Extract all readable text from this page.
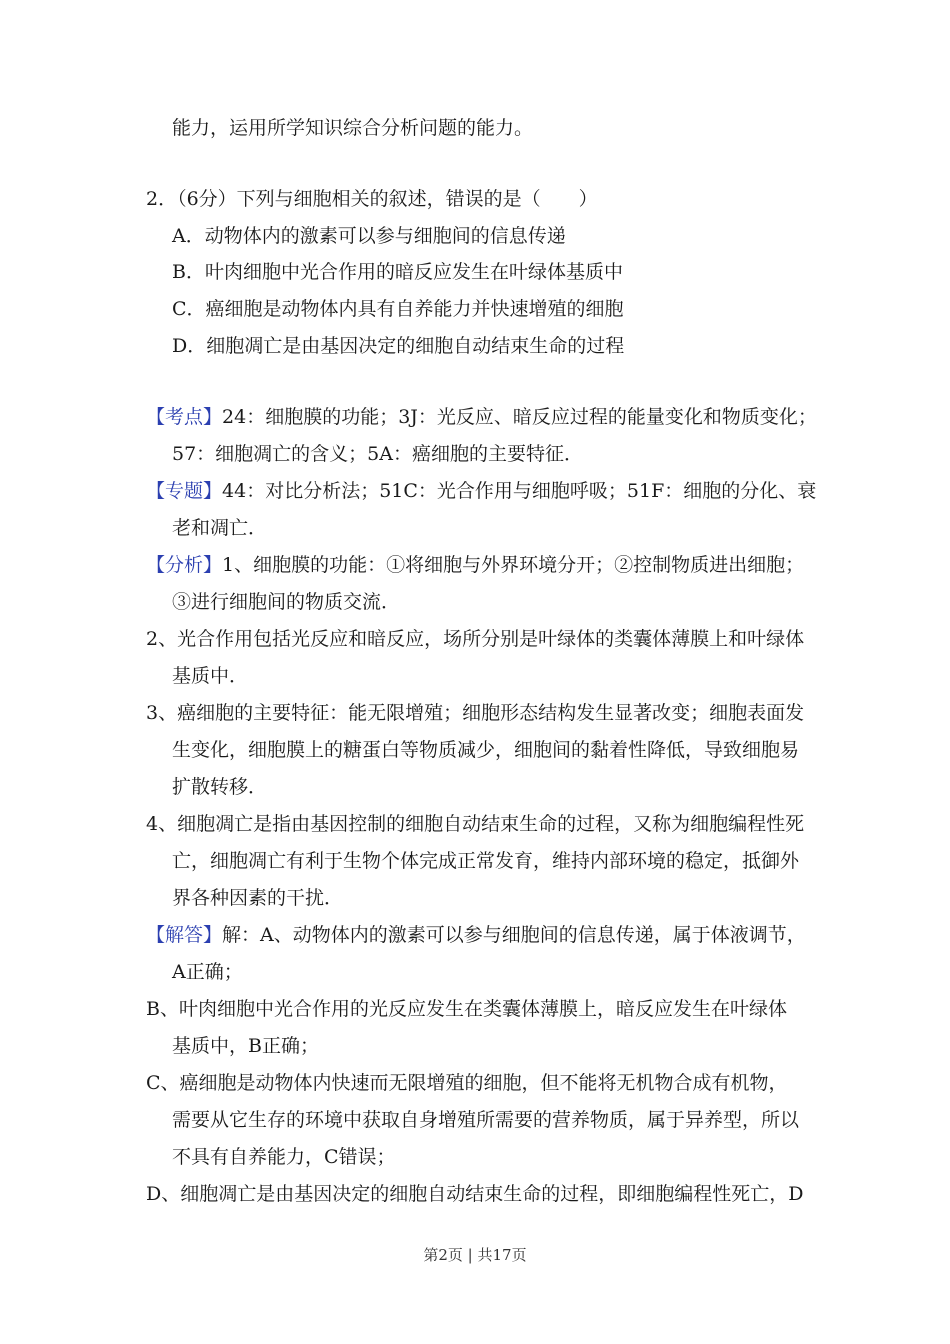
能力，运用所学知识综合分析问题的能力。
2．（6分）下列与细胞相关的叙述，错误的是（　　）
A．动物体内的激素可以参与细胞间的信息传递
B．叶肉细胞中光合作用的暗反应发生在叶绿体基质中
C．癌细胞是动物体内具有自养能力并快速增殖的细胞
D．细胞凋亡是由基因决定的细胞自动结束生命的过程
【考点】24：细胞膜的功能；3J：光反应、暗反应过程的能量变化和物质变化；
57：细胞凋亡的含义；5A：癌细胞的主要特征．
【专题】44：对比分析法；51C：光合作用与细胞呼吸；51F：细胞的分化、衰
老和凋亡．
【分析】1、细胞膜的功能：①将细胞与外界环境分开；②控制物质进出细胞；
③进行细胞间的物质交流．
2、光合作用包括光反应和暗反应，场所分别是叶绿体的类囊体薄膜上和叶绿体
基质中．
3、癌细胞的主要特征：能无限增殖；细胞形态结构发生显著改变；细胞表面发
生变化，细胞膜上的糖蛋白等物质减少，细胞间的黏着性降低，导致细胞易
扩散转移．
4、细胞凋亡是指由基因控制的细胞自动结束生命的过程，又称为细胞编程性死
亡，细胞凋亡有利于生物个体完成正常发育，维持内部环境的稳定，抵御外
界各种因素的干扰．
【解答】解：A、动物体内的激素可以参与细胞间的信息传递，属于体液调节，
A正确；
B、叶肉细胞中光合作用的光反应发生在类囊体薄膜上，暗反应发生在叶绿体
基质中，B正确；
C、癌细胞是动物体内快速而无限增殖的细胞，但不能将无机物合成有机物，
需要从它生存的环境中获取自身增殖所需要的营养物质，属于异养型，所以
不具有自养能力，C错误；
D、细胞凋亡是由基因决定的细胞自动结束生命的过程，即细胞编程性死亡，D
第2页 | 共17页
